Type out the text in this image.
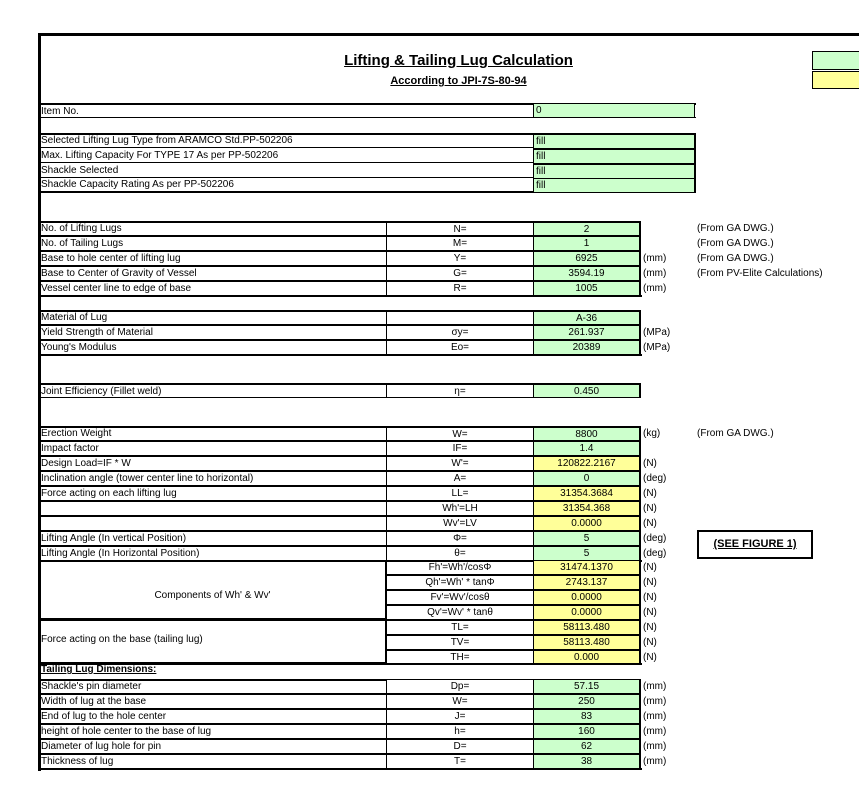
Lifting & Tailing Lug Calculation
According to JPI-7S-80-94
Item No.	0
Selected Lifting Lug Type from ARAMCO Std.PP-502206	fill
Max. Lifting Capacity For TYPE 17 As per PP-502206	fill
Shackle Selected	fill
Shackle Capacity Rating As per PP-502206	fill
No. of Lifting Lugs	N=	2	(From GA DWG.)
No. of Tailing Lugs	M=	1	(From GA DWG.)
Base to hole center of lifting lug	Y=	6925	(mm)	(From GA DWG.)
Base to Center of Gravity of Vessel	G=	3594.19	(mm)	(From PV-Elite Calculations)
Vessel center line to edge of base	R=	1005	(mm)
Material of Lug	A-36
Yield Strength of Material	σy=	261.937	(MPa)
Young's Modulus	Eo=	20389	(MPa)
Joint Efficiency (Fillet weld)	η=	0.450
Erection Weight	W=	8800	(kg)	(From GA DWG.)
Impact factor	IF=	1.4
Design Load=IF * W	W'=	120822.2167	(N)
Inclination angle (tower center line to horizontal)	A=	0	(deg)
Force acting on each lifting lug	LL=	31354.3684	(N)
Wh'=LH	31354.368	(N)
Wv'=LV	0.0000	(N)
Lifting Angle (In vertical Position)	Φ=	5	(deg)
Lifting Angle (In Horizontal Position)	θ=	5	(deg)
(SEE FIGURE 1)
Components of Wh' & Wv'
Fh'=Wh'/cosΦ	31474.1370	(N)
Qh'=Wh' * tanΦ	2743.137	(N)
Fv'=Wv'/cosθ	0.0000	(N)
Qv'=Wv' * tanθ	0.0000	(N)
Force acting on the base (tailing lug)
TL=	58113.480	(N)
TV=	58113.480	(N)
TH=	0.000	(N)
Tailing Lug Dimensions:
Shackle's pin diameter	Dp=	57.15	(mm)
Width of lug at the base	W=	250	(mm)
End of lug to the hole center	J=	83	(mm)
height of hole center to the base of lug	h=	160	(mm)
Diameter of lug hole for pin	D=	62	(mm)
Thickness of lug	T=	38	(mm)
